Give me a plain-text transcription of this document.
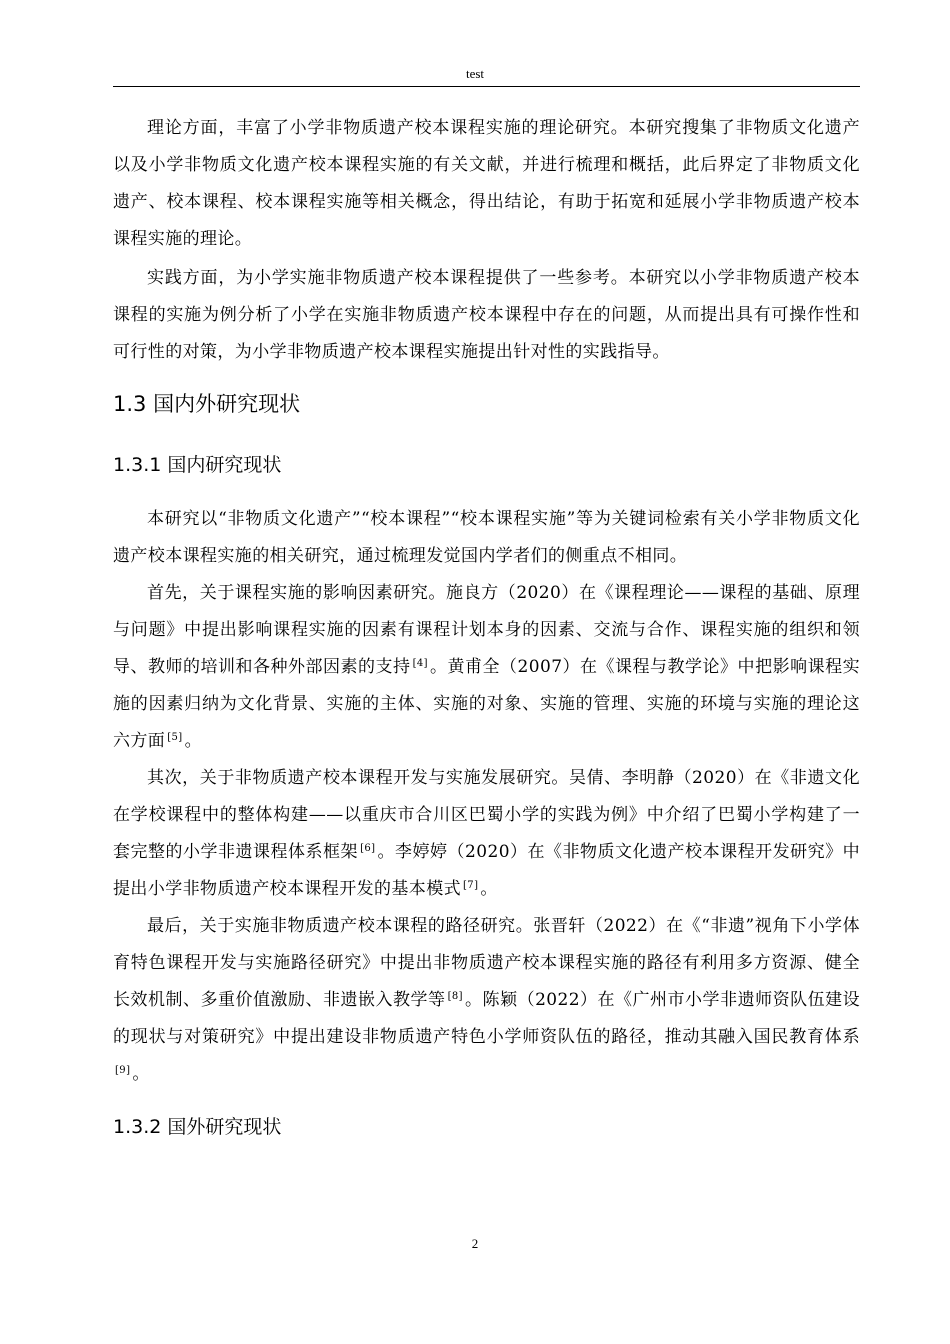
test

理论方面，丰富了小学非物质遗产校本课程实施的理论研究。本研究搜集了非物质文化遗产以及小学非物质文化遗产校本课程实施的有关文献，并进行梳理和概括，此后界定了非物质文化遗产、校本课程、校本课程实施等相关概念，得出结论，有助于拓宽和延展小学非物质遗产校本课程实施的理论。

实践方面，为小学实施非物质遗产校本课程提供了一些参考。本研究以小学非物质遗产校本课程的实施为例分析了小学在实施非物质遗产校本课程中存在的问题，从而提出具有可操作性和可行性的对策，为小学非物质遗产校本课程实施提出针对性的实践指导。

1.3 国内外研究现状
1.3.1 国内研究现状

本研究以“非物质文化遗产”“校本课程”“校本课程实施”等为关键词检索有关小学非物质文化遗产校本课程实施的相关研究，通过梳理发觉国内学者们的侧重点不相同。

首先，关于课程实施的影响因素研究。施良方（2020）在《课程理论——课程的基础、原理与问题》中提出影响课程实施的因素有课程计划本身的因素、交流与合作、课程实施的组织和领导、教师的培训和各种外部因素的支持 [4] 。黄甫全（2007）在《课程与教学论》中把影响课程实施的因素归纳为文化背景、实施的主体、实施的对象、实施的管理、实施的环境与实施的理论这六方面 [5] 。

其次，关于非物质遗产校本课程开发与实施发展研究。吴倩、李明静（2020）在《非遗文化在学校课程中的整体构建——以重庆市合川区巴蜀小学的实践为例》中介绍了巴蜀小学构建了一套完整的小学非遗课程体系框架 [6] 。李婷婷（2020）在《非物质文化遗产校本课程开发研究》中提出小学非物质遗产校本课程开发的基本模式 [7] 。

最后，关于实施非物质遗产校本课程的路径研究。张晋轩（2022）在《“非遗”视角下小学体育特色课程开发与实施路径研究》中提出非物质遗产校本课程实施的路径有利用多方资源、健全长效机制、多重价值激励、非遗嵌入教学等 [8] 。陈颖（2022）在《广州市小学非遗师资队伍建设的现状与对策研究》中提出建设非物质遗产特色小学师资队伍的路径，推动其融入国民教育体系[9] 。

1.3.2 国外研究现状
2
